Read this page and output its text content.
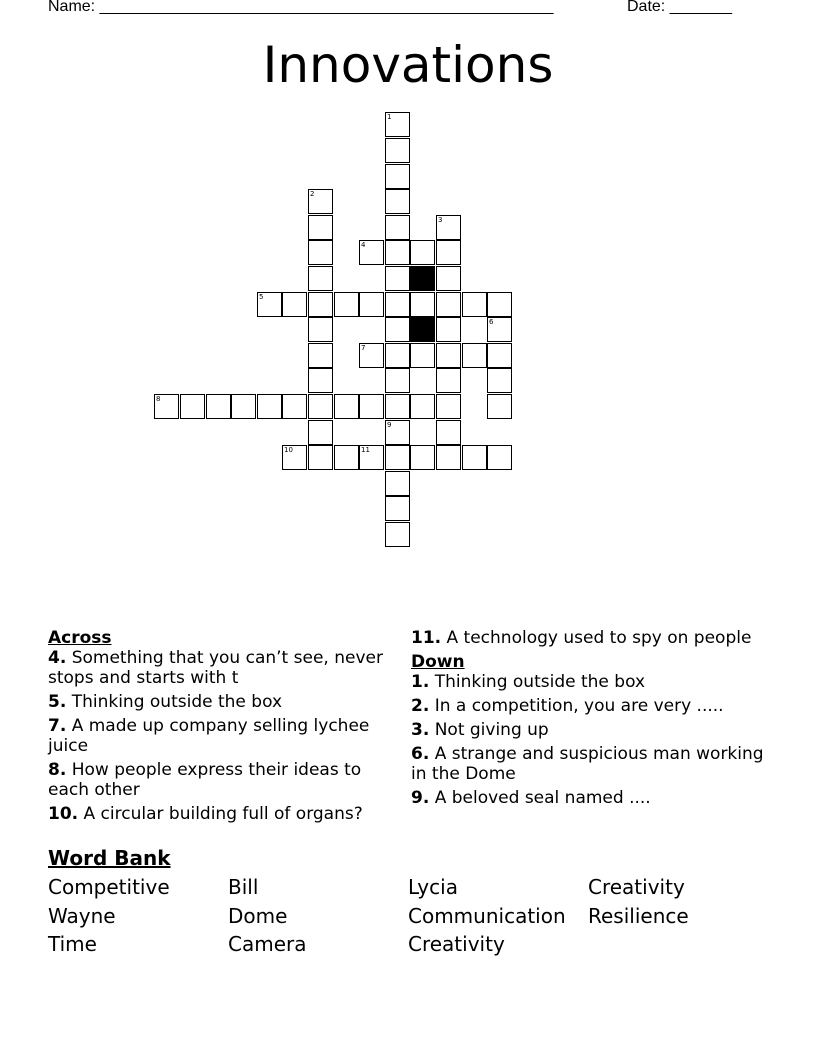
Name: ___________________________________________________	Date: _______
Innovations
1
9
2
3
4
5
6
7
8
10	11
Across
4. Something that you can’t see, never stops and starts with t
5. Thinking outside the box
7. A made up company selling lychee juice
8. How people express their ideas to each other
10. A circular building full of organs?
11. A technology used to spy on people
Down
1. Thinking outside the box
2. In a competition, you are very .....
3. Not giving up
6. A strange and suspicious man working in the Dome
9. A beloved seal named ....
Word Bank
Competitive	Bill	Lycia	Creativity
Wayne	Dome	Communication	Resilience
Time	Camera	Creativity
